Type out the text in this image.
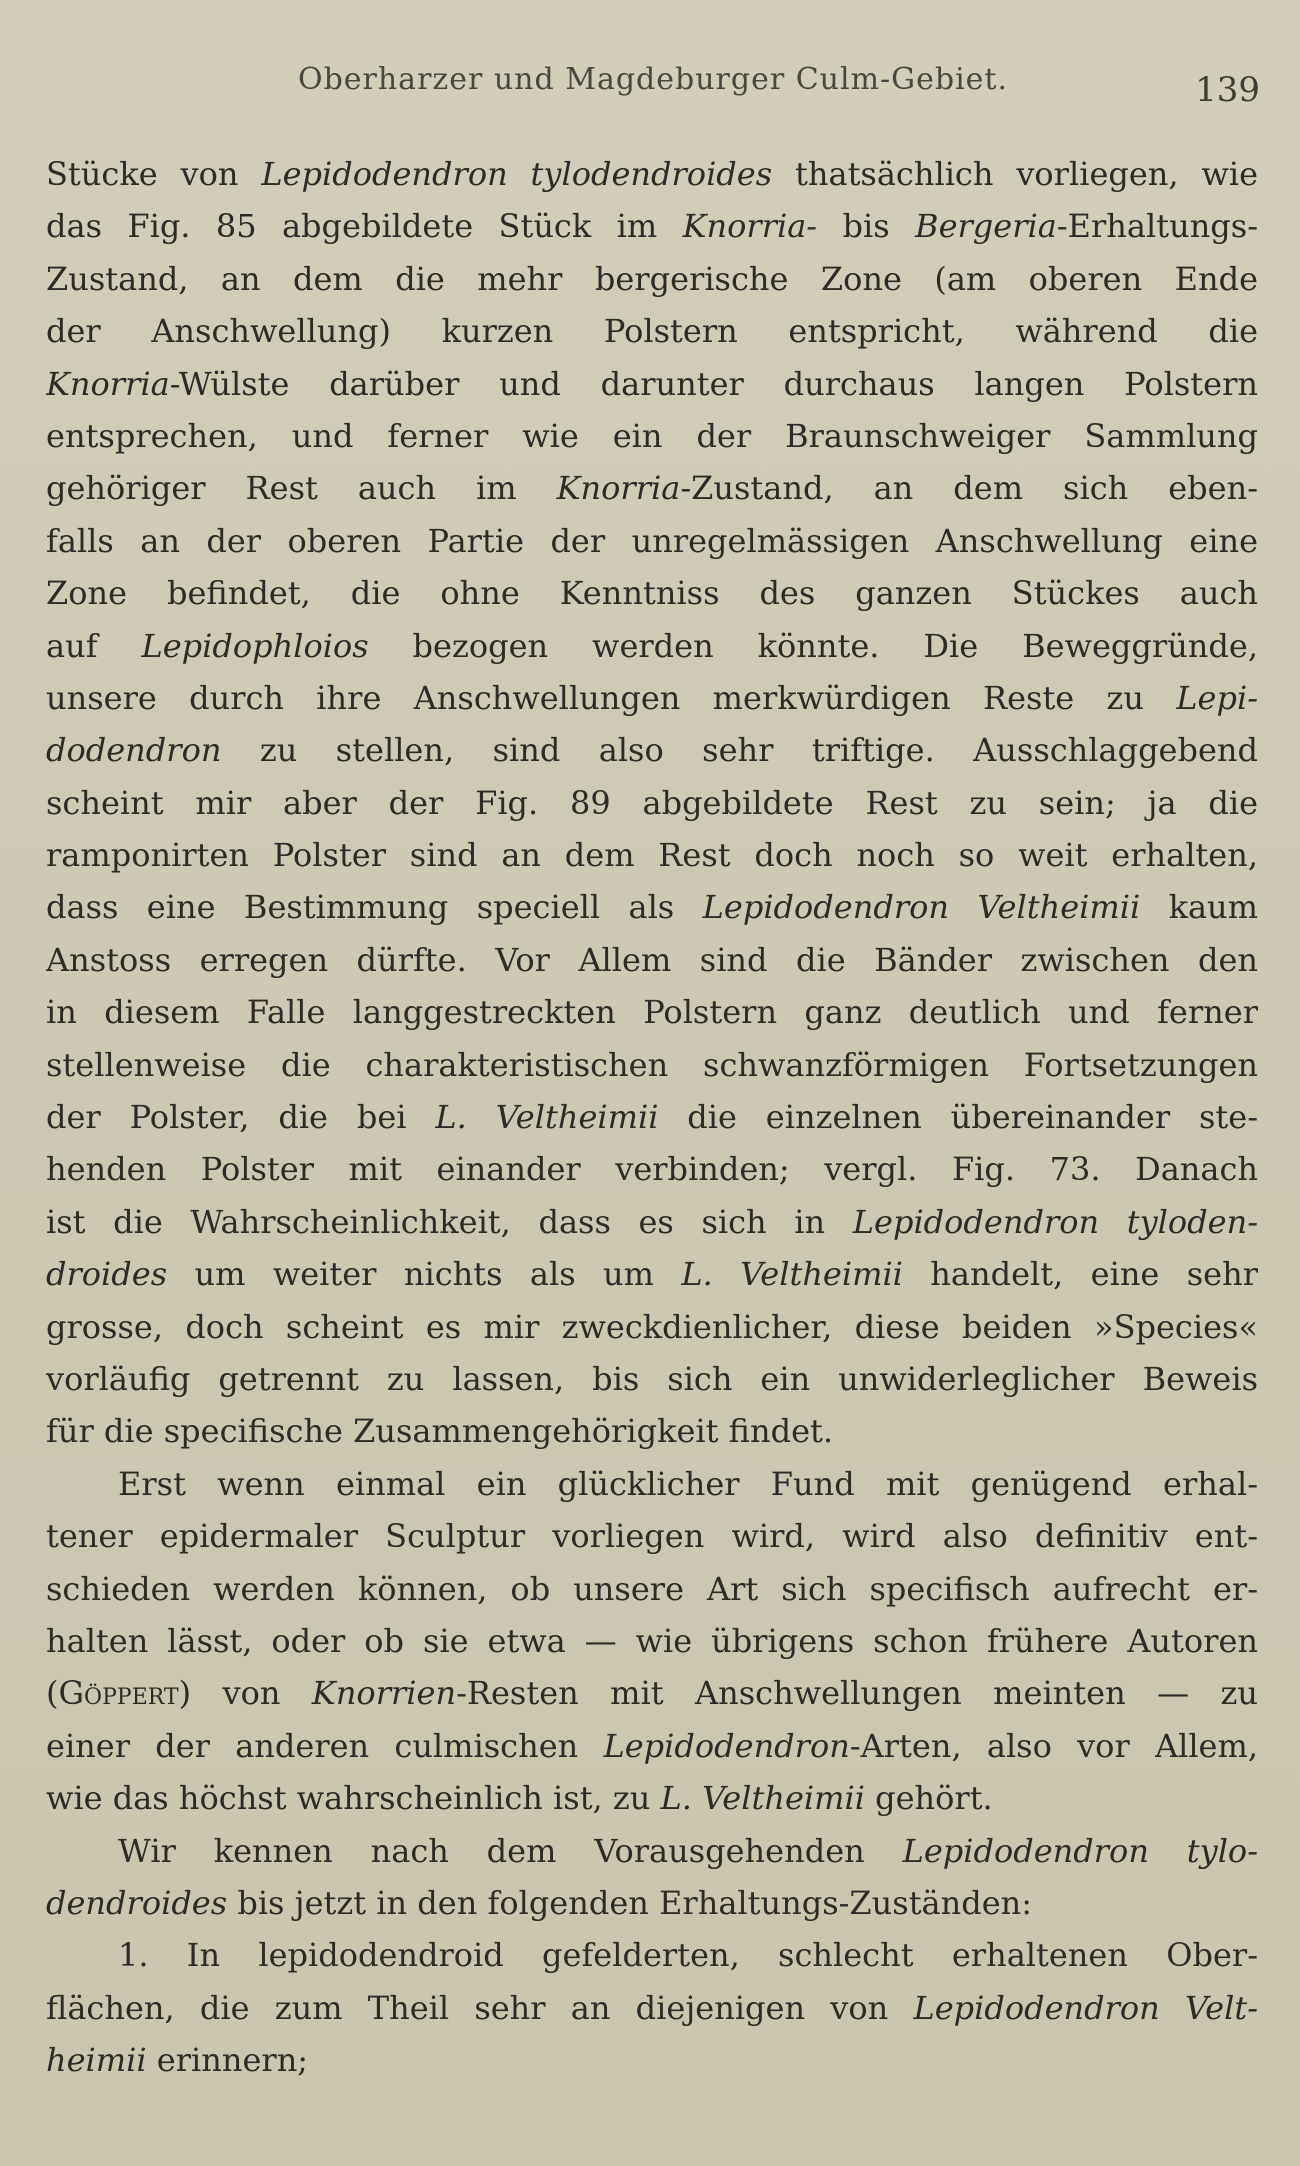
Oberharzer und Magdeburger Culm-Gebiet.	139
Stücke von Lepidodendron tylodendroides thatsächlich vorliegen, wie
das Fig. 85 abgebildete Stück im Knorria- bis Bergeria-Erhaltungs-
Zustand, an dem die mehr bergerische Zone (am oberen Ende
der Anschwellung) kurzen Polstern entspricht, während die
Knorria-Wülste darüber und darunter durchaus langen Polstern
entsprechen, und ferner wie ein der Braunschweiger Sammlung
gehöriger Rest auch im Knorria-Zustand, an dem sich eben-
falls an der oberen Partie der unregelmässigen Anschwellung eine
Zone befindet, die ohne Kenntniss des ganzen Stückes auch
auf Lepidophloios bezogen werden könnte. Die Beweggründe,
unsere durch ihre Anschwellungen merkwürdigen Reste zu Lepi-
dodendron zu stellen, sind also sehr triftige. Ausschlaggebend
scheint mir aber der Fig. 89 abgebildete Rest zu sein; ja die
ramponirten Polster sind an dem Rest doch noch so weit erhalten,
dass eine Bestimmung speciell als Lepidodendron Veltheimii kaum
Anstoss erregen dürfte. Vor Allem sind die Bänder zwischen den
in diesem Falle langgestreckten Polstern ganz deutlich und ferner
stellenweise die charakteristischen schwanzförmigen Fortsetzungen
der Polster, die bei L. Veltheimii die einzelnen übereinander ste-
henden Polster mit einander verbinden; vergl. Fig. 73. Danach
ist die Wahrscheinlichkeit, dass es sich in Lepidodendron tyloden-
droides um weiter nichts als um L. Veltheimii handelt, eine sehr
grosse, doch scheint es mir zweckdienlicher, diese beiden »Species«
vorläufig getrennt zu lassen, bis sich ein unwiderleglicher Beweis
für die specifische Zusammengehörigkeit findet.
Erst wenn einmal ein glücklicher Fund mit genügend erhal-
tener epidermaler Sculptur vorliegen wird, wird also definitiv ent-
schieden werden können, ob unsere Art sich specifisch aufrecht er-
halten lässt, oder ob sie etwa — wie übrigens schon frühere Autoren
(Göppert) von Knorrien-Resten mit Anschwellungen meinten — zu
einer der anderen culmischen Lepidodendron-Arten, also vor Allem,
wie das höchst wahrscheinlich ist, zu L. Veltheimii gehört.
Wir kennen nach dem Vorausgehenden Lepidodendron tylo-
dendroides bis jetzt in den folgenden Erhaltungs-Zuständen:
1. In lepidodendroid gefelderten, schlecht erhaltenen Ober-
flächen, die zum Theil sehr an diejenigen von Lepidodendron Velt-
heimii erinnern;
